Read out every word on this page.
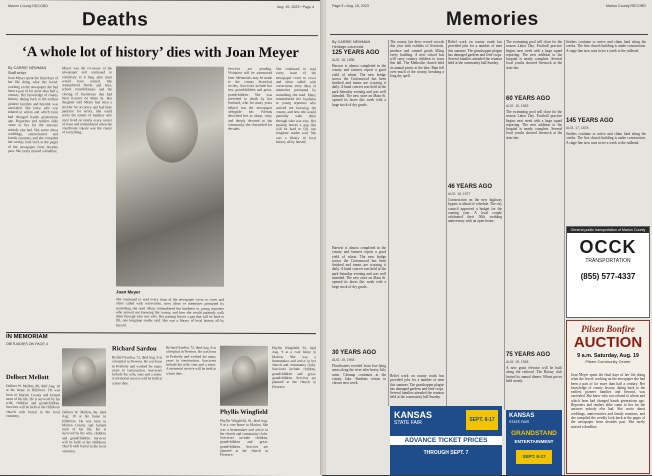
Marion County RECORD	Aug. 15, 2023 • Page 4
Deaths
‘A whole lot of history’ dies with Joan Meyer
By CARRIE NEWMAN
Staff writer
Joan Meyer spent the final days of her life doing what she loved: working on the newspaper she had been a part of for more than half a century. Her knowledge of county history, dating back to the earliest pioneer families and beyond, was unrivaled. She knew who was related to whom and which farm had changed hands generations ago. Reporters and readers alike came to her for the answers nobody else had. She wrote about weddings, anniversaries and family reunions, and she compiled the weekly look back at the pages of the newspaper from decades past. She rarely missed a deadline.
Meyer was the co-owner of the newspaper and continued to contribute to it long after most would have retired. She remembered floods and fires, school consolidations and the closing of businesses that had been fixtures on Main St. Her daughter said Meyer had been a stickler for accuracy and had little patience for errors. She could recite the names of families who once lived on nearly every corner of town and remembered when the courthouse square was the center of everything.
Joan Meyer
Services are pending. Visitation will be announced later. Memorials may be made to the county historical society. Survivors include her son, grandchildren and great-grandchildren. She was preceded in death by her husband, who for many years helped run the newspaper alongside her. Friends described her as sharp, witty and deeply devoted to the community she chronicled for decades.
She continued to read every issue of the newspaper cover to cover and often called with corrections, story ideas or memories prompted by something she read. Many remembered her kindness to young reporters who arrived not knowing the county, and how she would patiently walk them through who was who. Her passing leaves a gap that will be hard to fill, one longtime reader said. She was a library of local history all by herself.
She continued to read every issue of the newspaper cover to cover and often called with corrections, story ideas or memories prompted by something she read. Many remembered her kindness to young reporters who arrived not knowing the county, and how she would patiently walk them through who was who. Her passing leaves a gap that will be hard to fill, one longtime reader said. She was a library of local history all by herself.
IN MEMORIAM
OBITUARIES ON PAGE 4
Delbert Mellott
Delbert W. Mellott, 86, died Aug. 10 at his home in Hillsboro. He was born in Marion County and farmed most of his life. He is survived by his wife, children and grandchildren. Services will be held at the Hillsboro church with burial in the local cemetery.
Delbert W. Mellott, 86, died Aug. 10 at his home in Hillsboro. He was born in Marion County and farmed most of his life. He is survived by his wife, children and grandchildren. Services will be held at the Hillsboro church with burial in the local cemetery.
Richard Sardou
Richard Sardou, 72, died Aug. 8 at a hospital in Newton. He was born in Peabody and worked for many years in construction. Survivors include his wife, sons and a sister. A memorial service will be held at a later date.
Richard Sardou, 72, died Aug. 8 at a hospital in Newton. He was born in Peabody and worked for many years in construction. Survivors include his wife, sons and a sister. A memorial service will be held at a later date.
Phyllis Wingfield
Phyllis Wingfield, 91, died Aug. 9 at a care home in Marion. She was a homemaker and active in her church and community clubs. Survivors include children, grandchildren and great-grandchildren. Services are planned at the church in Florence.
Phyllis Wingfield, 91, died Aug. 9 at a care home in Marion. She was a homemaker and active in her church and community clubs. Survivors include children, grandchildren and great-grandchildren. Services are planned at the church in Florence.
Page 5 • Aug. 15, 2023	Marion County RECORD
Memories
By CARRIE NEWMAN
Heritage columnist
125 YEARS AGO
AUG. 18, 1898
Harvest is almost completed in the county and farmers report a good yield of wheat. The new bridge across the Cottonwood has been finished and teams are crossing it daily. A band concert was held in the park Saturday evening and was well attended. The new store on Main St. opened its doors this week with a large stock of dry goods.
Harvest is almost completed in the county and farmers report a good yield of wheat. The new bridge across the Cottonwood has been finished and teams are crossing it daily. A band concert was held in the park Saturday evening and was well attended. The new store on Main St. opened its doors this week with a large stock of dry goods.
30 YEARS AGO
AUG. 19, 1993
Floodwaters receded from low-lying areas along the river after heavy July rains. Cleanup continues at the county lake. Students return to classes next week.
The county fair drew record crowds this year with exhibits of livestock, produce and canned goods filling every building. A new school bus will carry country children to town this fall. The Methodist church held its annual picnic at the lake. Rain fell over much of the county, breaking a long dry spell.
Relief work on county roads has provided jobs for a number of men this summer. The grasshopper plague has damaged gardens and feed crops. Several families attended the reunion held at the community hall Sunday.
Relief work on county roads has provided jobs for a number of men this summer. The grasshopper plague has damaged gardens and feed crops. Several families attended the reunion held at the community hall Sunday.
46 YEARS AGO
AUG. 18, 1977
Construction on the new highway bypass is ahead of schedule. The city council approved a budget for the coming year. A local couple celebrated their 50th wedding anniversary with an open house.
60 YEARS AGO
AUG. 15, 1963
The swimming pool will close for the season Labor Day. Football practice begins next week with a large squad reporting. The new addition to the hospital is nearly complete. Several local youths showed livestock at the state fair.
The swimming pool will close for the season Labor Day. Football practice begins next week with a large squad reporting. The new addition to the hospital is nearly complete. Several local youths showed livestock at the state fair.
75 YEARS AGO
AUG. 19, 1948
A new grain elevator will be built along the railroad. The Rotary club hosted its annual dinner. Wheat prices held steady.
Settlers continue to arrive and claim land along the creeks. The first church building is under construction. A stage line now runs twice a week to the railhead.
145 YEARS AGO
AUG. 17, 1878
Settlers continue to arrive and claim land along the creeks. The first church building is under construction. A stage line now runs twice a week to the railhead.
General public transportation of Marion County
OCCK
TRANSPORTATION
(855) 577-4337
Pilsen Bonfire
AUCTION
9 a.m. Saturday, Aug. 19
Pilsen Community Center
Joan Meyer spent the final days of her life doing what she loved: working on the newspaper she had been a part of for more than half a century. Her knowledge of county history, dating back to the earliest pioneer families and beyond, was unrivaled. She knew who was related to whom and which farm had changed hands generations ago. Reporters and readers alike came to her for the answers nobody else had. She wrote about weddings, anniversaries and family reunions, and she compiled the weekly look back at the pages of the newspaper from decades past. She rarely missed a deadline.
KANSAS
STATE FAIR	SEPT. 8-17
ADVANCE TICKET PRICES
THROUGH SEPT. 7
KANSAS
STATE FAIR
GRANDSTAND
ENTERTAINMENT
SEPT. 8-17
